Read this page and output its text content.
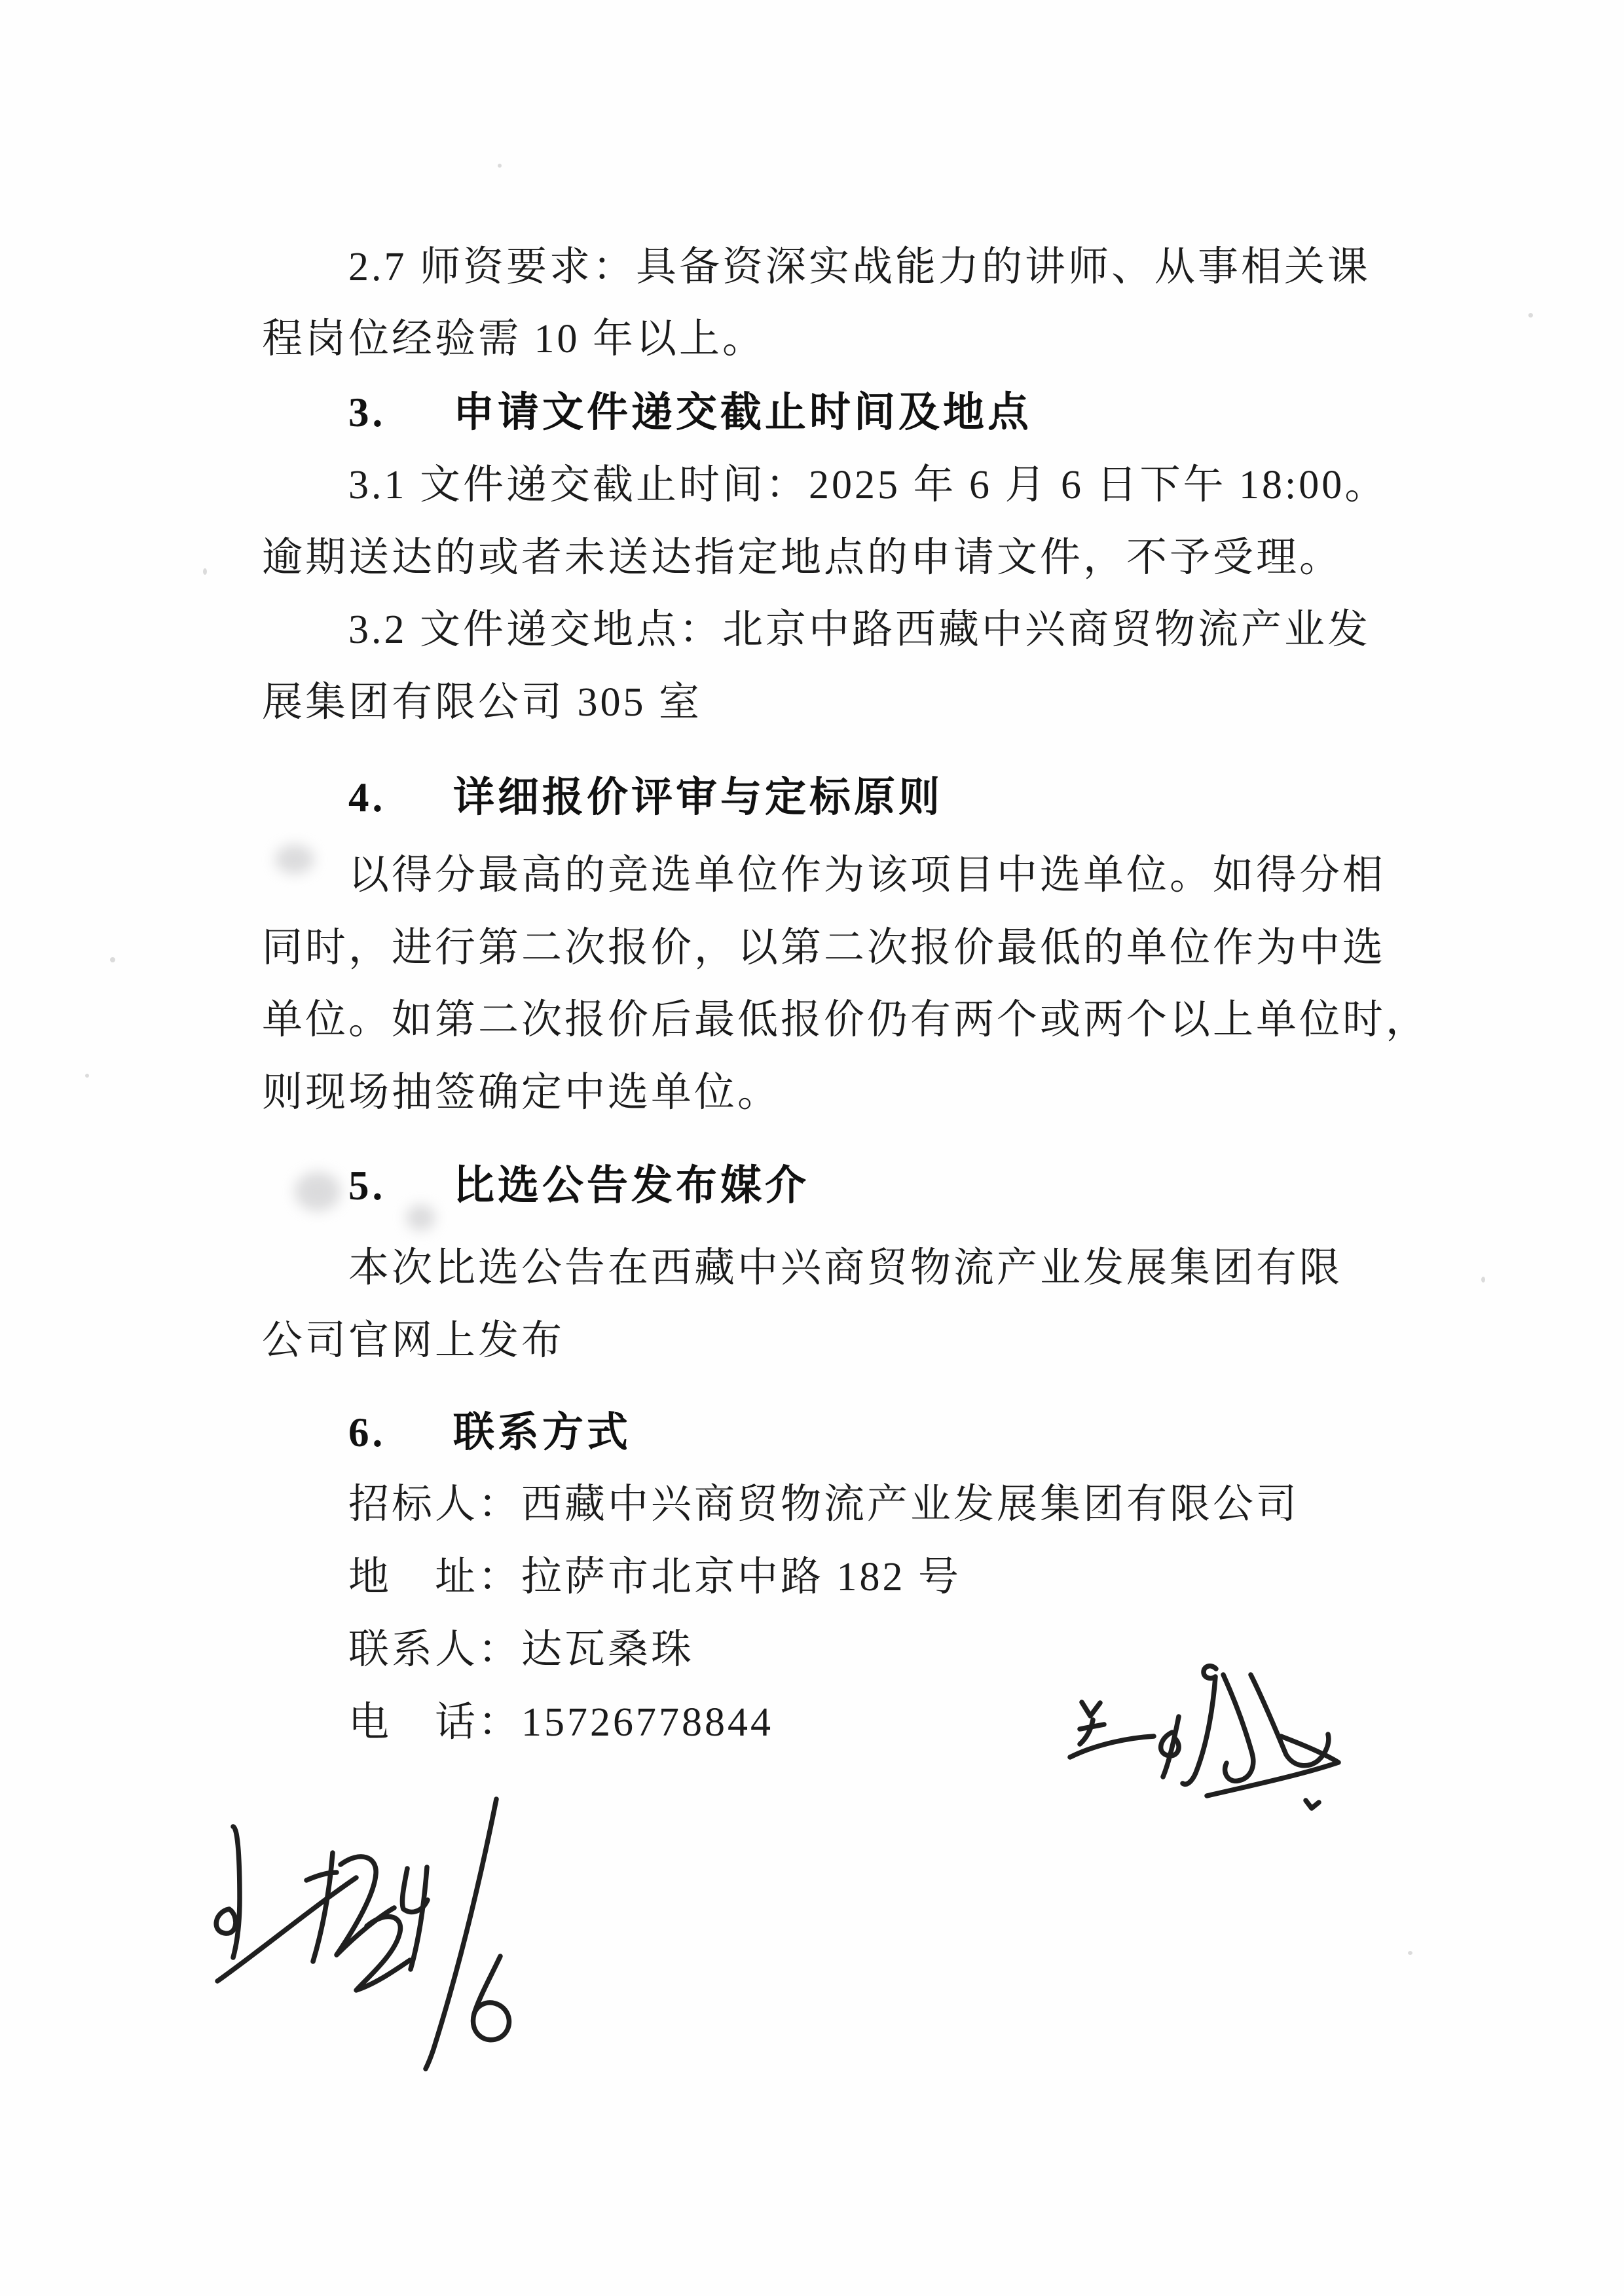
2.7 师资要求：具备资深实战能力的讲师、从事相关课
程岗位经验需 10 年以上。
3. 申请文件递交截止时间及地点
3.1 文件递交截止时间：2025 年 6 月 6 日下午 18:00。
逾期送达的或者未送达指定地点的申请文件，不予受理。
3.2 文件递交地点：北京中路西藏中兴商贸物流产业发
展集团有限公司 305 室
4. 详细报价评审与定标原则
以得分最高的竞选单位作为该项目中选单位。如得分相
同时，进行第二次报价，以第二次报价最低的单位作为中选
单位。如第二次报价后最低报价仍有两个或两个以上单位时，
则现场抽签确定中选单位。
5. 比选公告发布媒介
本次比选公告在西藏中兴商贸物流产业发展集团有限
公司官网上发布
6. 联系方式
招标人：西藏中兴商贸物流产业发展集团有限公司
地　址：拉萨市北京中路 182 号
联系人：达瓦桑珠
电　话：15726778844
